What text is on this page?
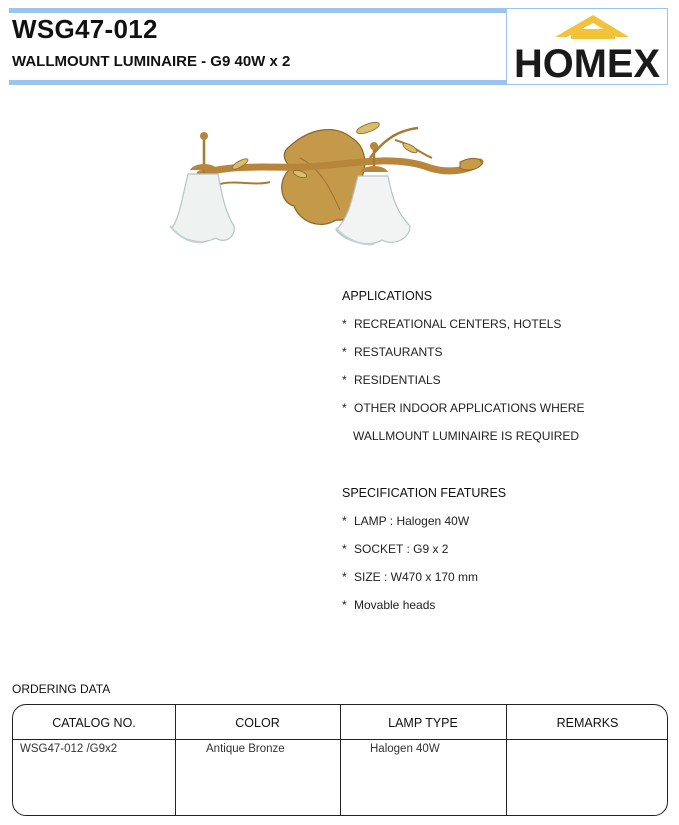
WSG47-012
WALLMOUNT LUMINAIRE - G9 40W x 2	HOMEX
APPLICATIONS
* RECREATIONAL CENTERS, HOTELS
* RESTAURANTS
* RESIDENTIALS
* OTHER INDOOR APPLICATIONS WHERE
WALLMOUNT LUMINAIRE IS REQUIRED
SPECIFICATION FEATURES
* LAMP : Halogen 40W
* SOCKET : G9 x 2
* SIZE : W470 x 170 mm
* Movable heads
ORDERING DATA
CATALOG NO.	COLOR	LAMP TYPE	REMARKS
WSG47-012 /G9x2	Antique Bronze	Halogen 40W
